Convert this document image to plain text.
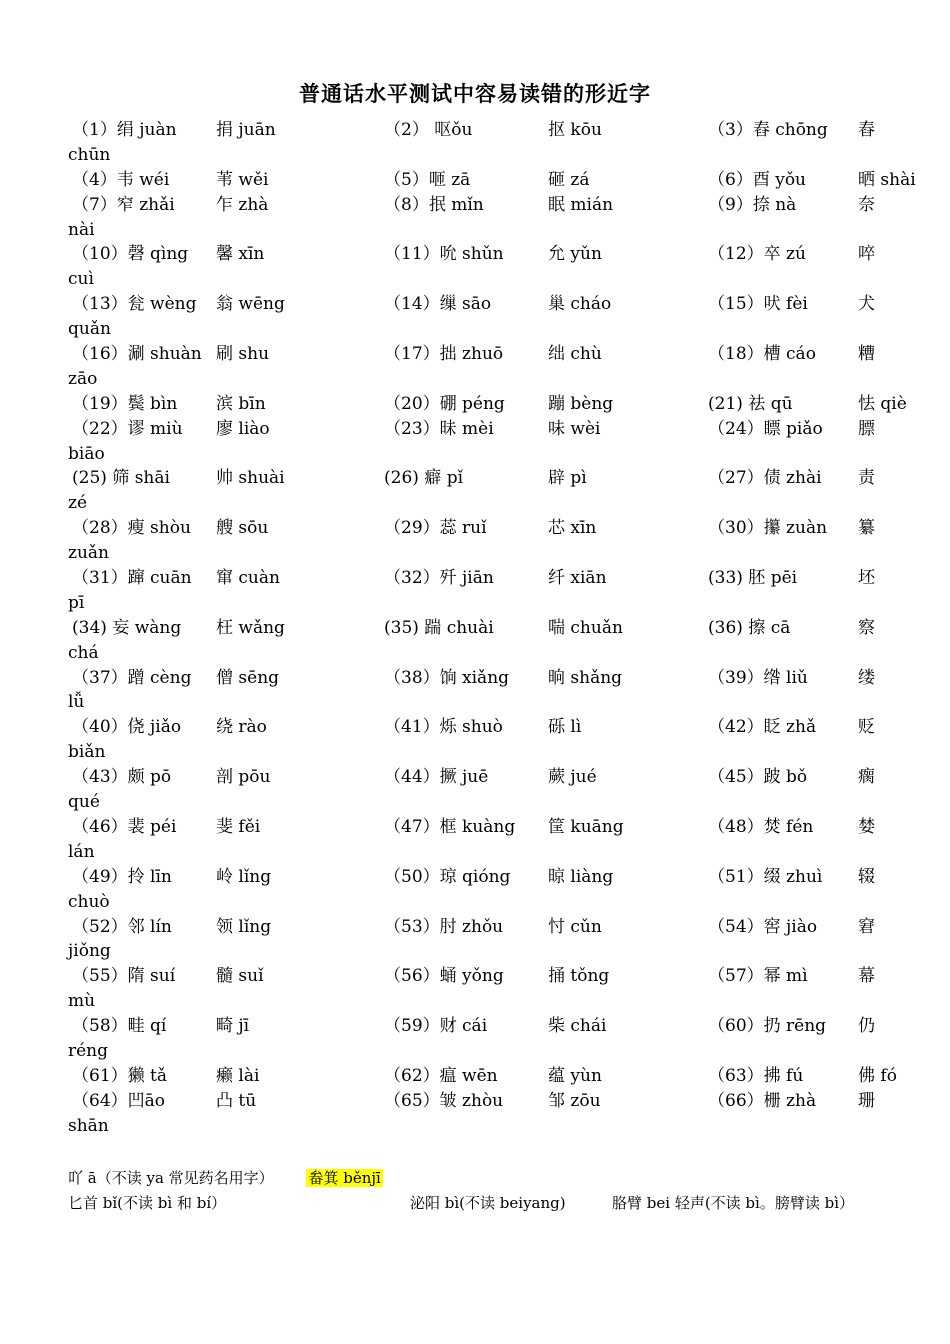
普通话水平测试中容易读错的形近字
（1）绢 juàn 捐 juān	（2） 呕ǒu	抠 kōu	（3）舂 chōng 舂
chūn
（4）韦 wéi	苇 wěi	（5）咂 zā	砸 zá	（6）酉 yǒu	晒 shài
（7）窄 zhǎi 乍 zhà	（8）抿 mǐn	眠 mián	（9）捺 nà	奈
nài
（10）磬 qìng 馨 xīn	（11）吮 shǔn	允 yǔn	（12）卒 zú	啐
cuì
（13）瓮 wèng 翁 wēng	（14）缫 sāo	巢 cháo	（15）吠 fèi	犬
quǎn
（16）涮 shuàn 刷 shu	（17）拙 zhuō	绌 chù	（18）槽 cáo 糟
zāo
（19）鬓 bìn 滨 bīn	（20）硼 péng	蹦 bèng	(21) 祛 qū	怯 qiè
（22）谬 miù 廖 liào	（23）昧 mèi	味 wèi	（24）瞟 piǎo 膘
biāo
(25) 筛 shāi	帅 shuài	(26) 癖 pǐ	辟 pì	（27）债 zhài 责
zé
（28）瘦 shòu 艘 sōu	（29）蕊 ruǐ	芯 xīn	（30）攥 zuàn 纂
zuǎn
（31）蹿 cuān 窜 cuàn	（32）歼 jiān	纤 xiān	(33) 胚 pēi	坯
pī
(34) 妄 wàng 枉 wǎng	(35) 踹 chuài	喘 chuǎn	(36) 擦 cā	察
chá
（37）蹭 cèng 僧 sēng	（38）饷 xiǎng 晌 shǎng	（39）绺 liǔ	缕
lǚ
（40）侥 jiǎo 绕 rào	（41）烁 shuò	砾 lì	（42）眨 zhǎ 贬
biǎn
（43）颇 pō	剖 pōu	（44）撅 juē	蕨 jué	（45）跛 bǒ	瘸
qué
（46）裴 péi 斐 fěi	（47）框 kuàng 筐 kuāng	（48）焚 fén	婪
lán
（49）拎 līn	岭 lǐng	（50）琼 qióng 晾 liàng	（51）缀 zhuì 辍
chuò
（52）邻 lín	领 lǐng	（53）肘 zhǒu	忖 cǔn	（54）窖 jiào 窘
jiǒng
（55）隋 suí 髓 suǐ	（56）蛹 yǒng	捅 tǒng	（57）幂 mì	幕
mù
（58）畦 qí	畸 jī	（59）财 cái	柴 chái	（60）扔 rēng 仍
réng
（61）獭 tǎ	癞 lài	（62）瘟 wēn	蕴 yùn	（63）拂 fú	佛 fó
（64）凹āo	凸 tū	（65）皱 zhòu	邹 zōu	（66）栅 zhà 珊
shān
吖 ā（不读 ya 常见药名用字） 畚箕 běnjī
匕首 bǐ(不读 bì 和 bí）	泌阳 bì(不读 beiyang)	胳臂 bei 轻声(不读 bì。膀臂读 bì）
